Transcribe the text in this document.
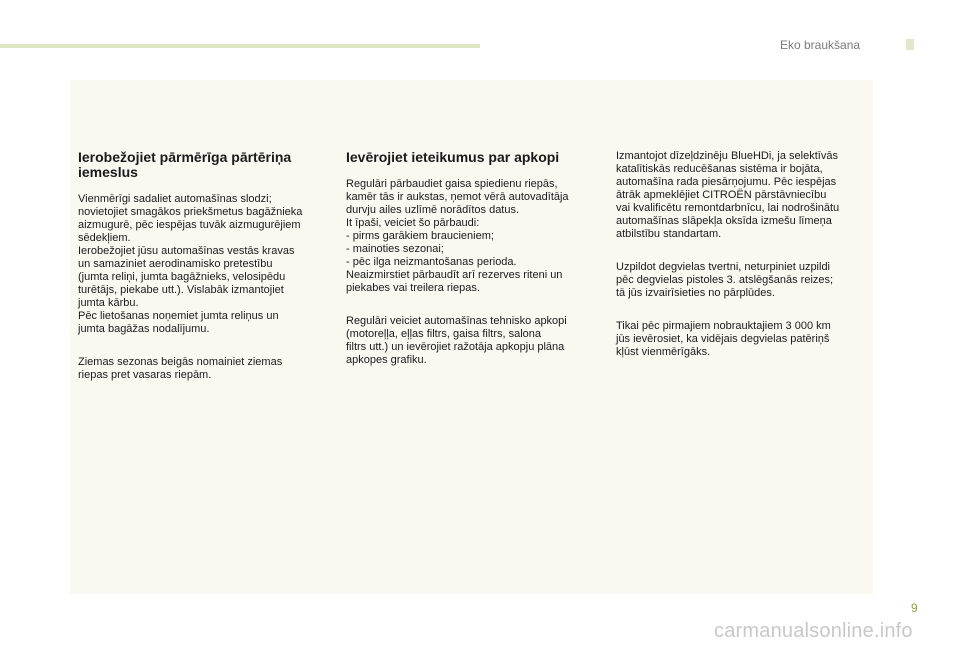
Eko braukšana
Ierobežojiet pārmērīga pārtēriņa iemeslus

Vienmērīgi sadaliet automašīnas slodzi;
novietojiet smagākos priekšmetus bagāžnieka
aizmugurē, pēc iespējas tuvāk aizmugurējiem
sēdekļiem.
Ierobežojiet jūsu automašīnas vestās kravas
un samaziniet aerodinamisko pretestību
(jumta reliņi, jumta bagāžnieks, velosipēdu
turētājs, piekabe utt.). Vislabāk izmantojiet
jumta kārbu.
Pēc lietošanas noņemiet jumta reliņus un
jumta bagāžas nodalījumu.

Ziemas sezonas beigās nomainiet ziemas
riepas pret vasaras riepām.

Ievērojiet ieteikumus par apkopi

Regulāri pārbaudiet gaisa spiedienu riepās,
kamēr tās ir aukstas, ņemot vērā autovadītāja
durvju ailes uzlīmē norādītos datus.
It īpaši, veiciet šo pārbaudi:
- pirms garākiem braucieniem;
- mainoties sezonai;
- pēc ilga neizmantošanas perioda.
Neaizmirstiet pārbaudīt arī rezerves riteni un
piekabes vai treilera riepas.

Regulāri veiciet automašīnas tehnisko apkopi
(motoreļļa, eļļas filtrs, gaisa filtrs, salona
filtrs utt.) un ievērojiet ražotāja apkopju plāna
apkopes grafiku.

Izmantojot dīzeļdzinēju BlueHDi, ja selektīvās
katalītiskās reducēšanas sistēma ir bojāta,
automašīna rada piesārņojumu. Pēc iespējas
ātrāk apmeklējiet CITROËN pārstāvniecību
vai kvalificētu remontdarbnīcu, lai nodrošinātu
automašīnas slāpekļa oksīda izmešu līmeņa
atbilstību standartam.

Uzpildot degvielas tvertni, neturpiniet uzpildi
pēc degvielas pistoles 3. atslēgšanās reizes;
tā jūs izvairīsieties no pārplūdes.

Tikai pēc pirmajiem nobrauktajiem 3 000 km
jūs ievērosiet, ka vidējais degvielas patēriņš
kļūst vienmērīgāks.

9
carmanualsonline.info
